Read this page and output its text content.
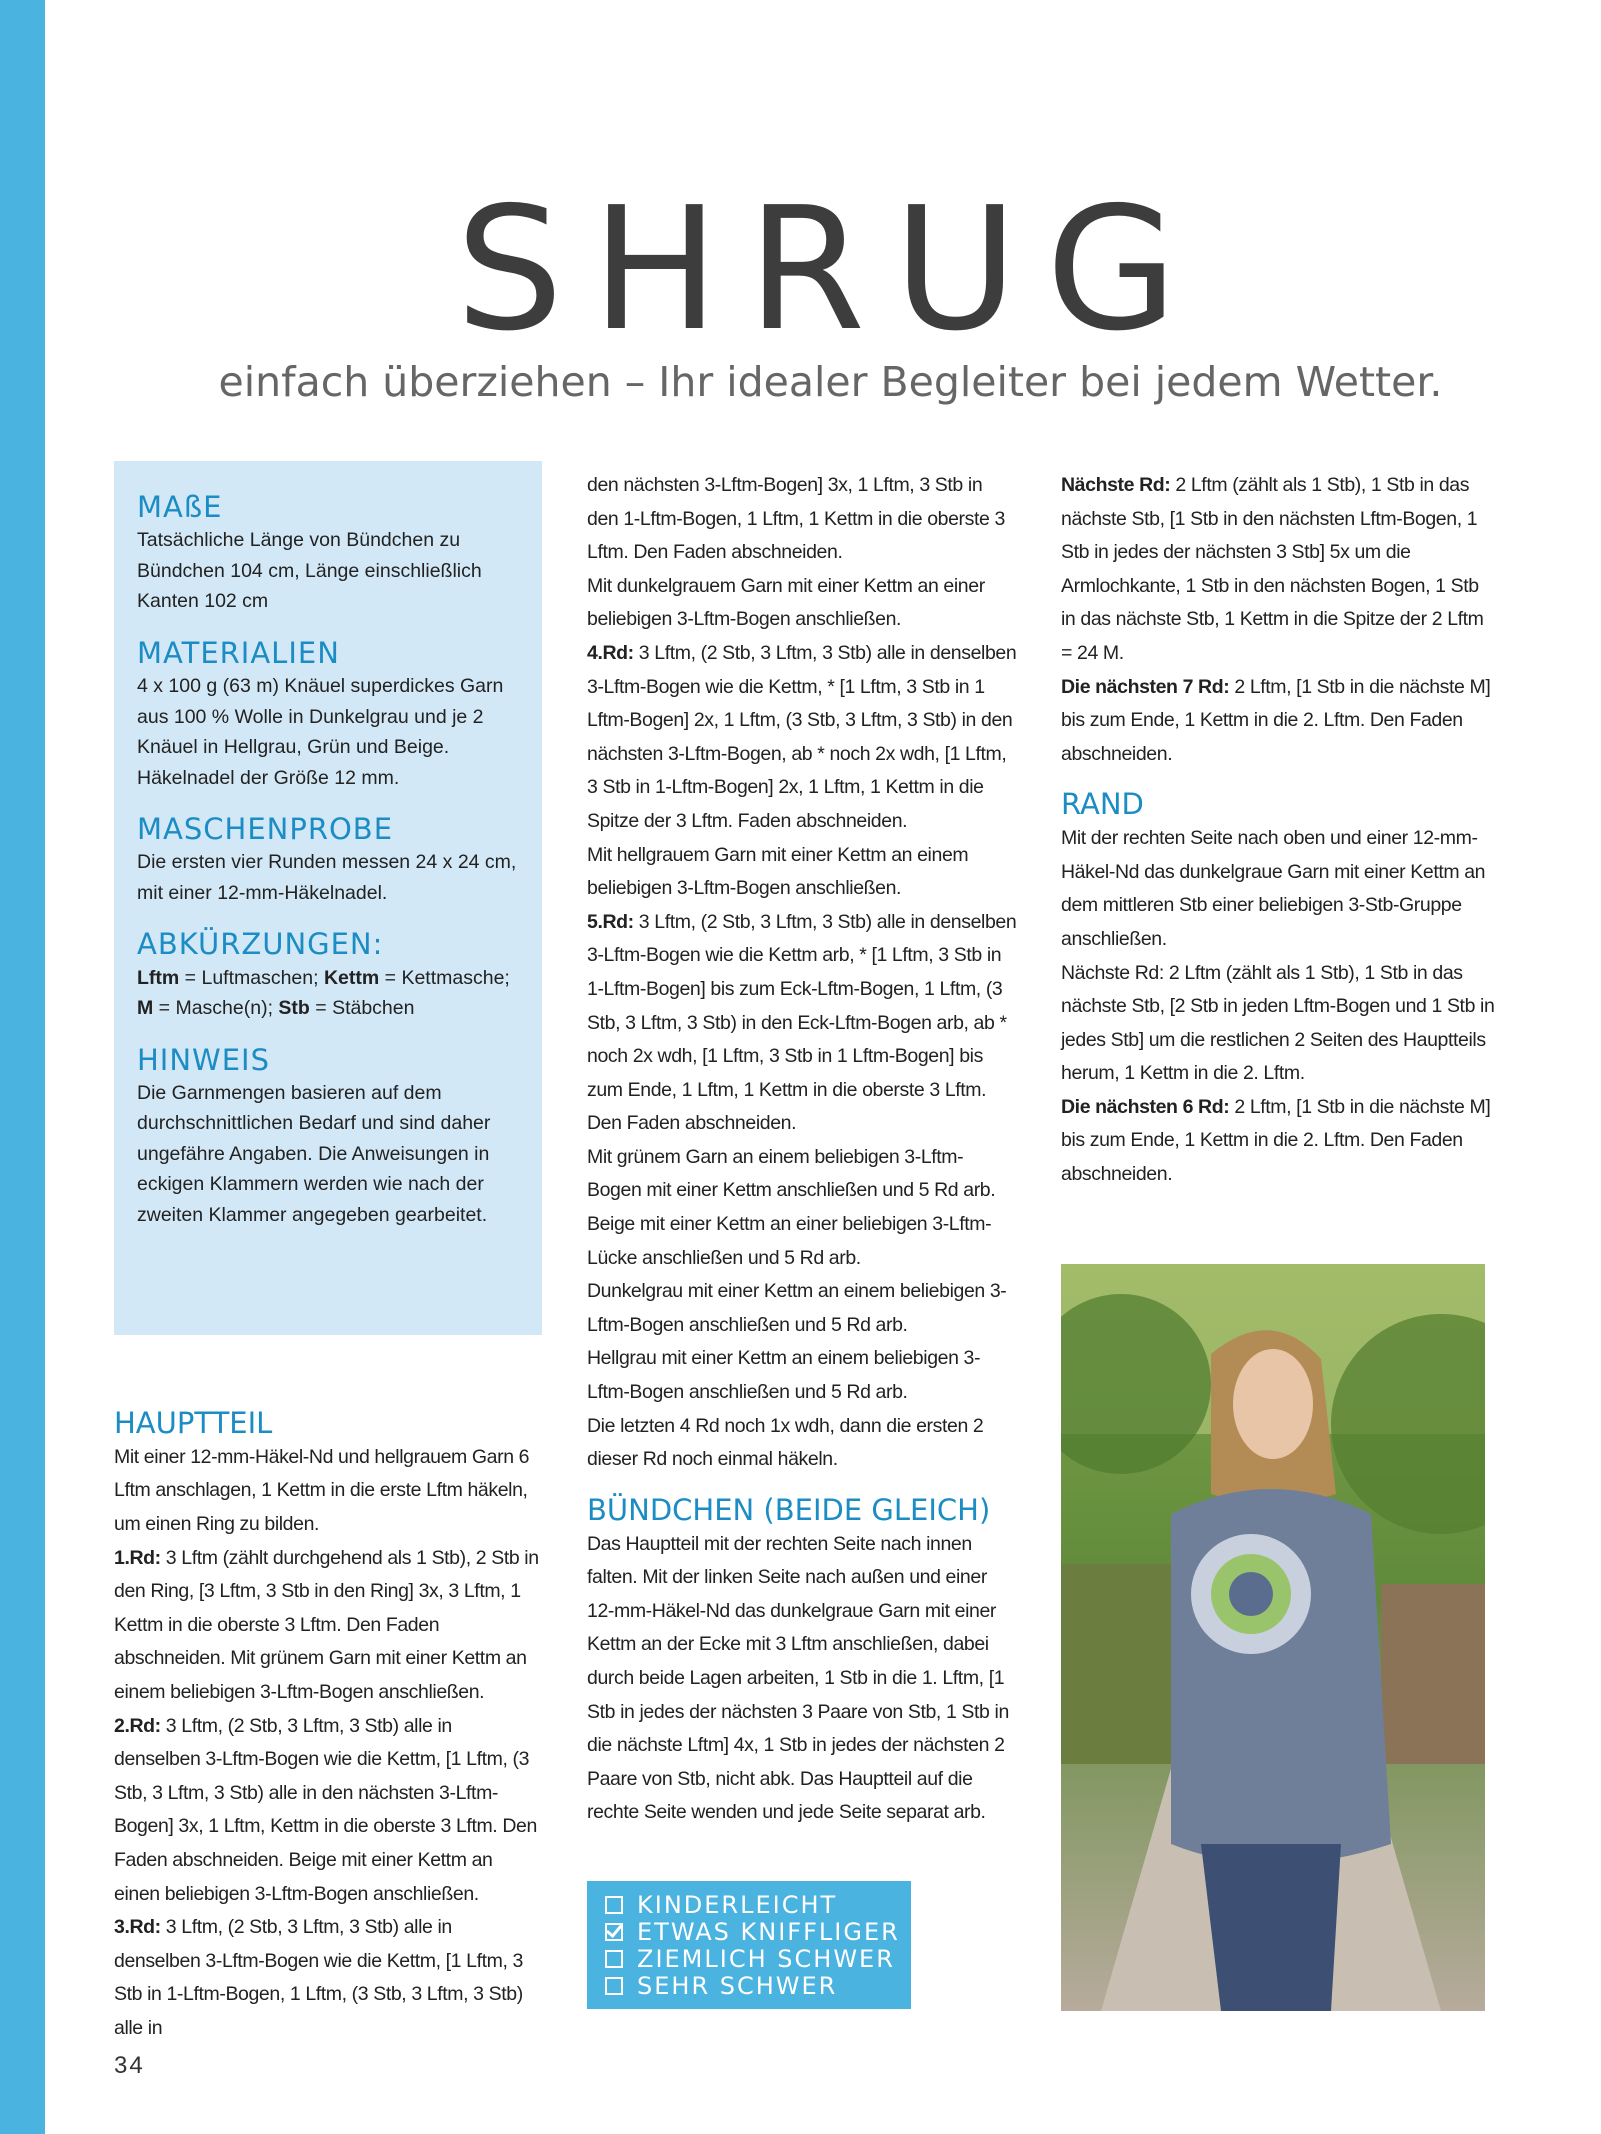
SHRUG
einfach überziehen – Ihr idealer Begleiter bei jedem Wetter.
MAßE

Tatsächliche Länge von Bündchen zu Bündchen 104 cm, Länge einschließlich Kanten 102 cm

MATERIALIEN

4 x 100 g (63 m) Knäuel superdickes Garn aus 100 % Wolle in Dunkelgrau und je 2 Knäuel in Hellgrau, Grün und Beige. Häkelnadel der Größe 12 mm.

MASCHENPROBE

Die ersten vier Runden messen 24 x 24 cm, mit einer 12-mm-Häkelnadel.

ABKÜRZUNGEN:

Lftm = Luftmaschen; Kettm = Kettmasche;
M = Masche(n); Stb = Stäbchen

HINWEIS

Die Garnmengen basieren auf dem durchschnittlichen Bedarf und sind daher ungefähre Angaben. Die Anweisungen in eckigen Klammern werden wie nach der zweiten Klammer angegeben gearbeitet.

HAUPTTEIL

Mit einer 12-mm-Häkel-Nd und hellgrauem Garn 6 Lftm anschlagen, 1 Kettm in die erste Lftm häkeln, um einen Ring zu bilden.

1.Rd: 3 Lftm (zählt durchgehend als 1 Stb), 2 Stb in den Ring, [3 Lftm, 3 Stb in den Ring] 3x, 3 Lftm, 1 Kettm in die oberste 3 Lftm. Den Faden abschneiden. Mit grünem Garn mit einer Kettm an einem beliebigen 3-Lftm-Bogen anschließen.

2.Rd: 3 Lftm, (2 Stb, 3 Lftm, 3 Stb) alle in denselben 3-Lftm-Bogen wie die Kettm, [1 Lftm, (3 Stb, 3 Lftm, 3 Stb) alle in den nächsten 3-Lftm-Bogen] 3x, 1 Lftm, Kettm in die oberste 3 Lftm. Den Faden abschneiden. Beige mit einer Kettm an einen beliebigen 3-Lftm-Bogen anschließen.

3.Rd: 3 Lftm, (2 Stb, 3 Lftm, 3 Stb) alle in denselben 3-Lftm-Bogen wie die Kettm, [1 Lftm, 3 Stb in 1-Lftm-Bogen, 1 Lftm, (3 Stb, 3 Lftm, 3 Stb) alle in

den nächsten 3-Lftm-Bogen] 3x, 1 Lftm, 3 Stb in den 1-Lftm-Bogen, 1 Lftm, 1 Kettm in die oberste 3 Lftm. Den Faden abschneiden.

Mit dunkelgrauem Garn mit einer Kettm an einer beliebigen 3-Lftm-Bogen anschließen.

4.Rd: 3 Lftm, (2 Stb, 3 Lftm, 3 Stb) alle in denselben 3-Lftm-Bogen wie die Kettm, * [1 Lftm, 3 Stb in 1 Lftm-Bogen] 2x, 1 Lftm, (3 Stb, 3 Lftm, 3 Stb) in den nächsten 3-Lftm-Bogen, ab * noch 2x wdh, [1 Lftm, 3 Stb in 1-Lftm-Bogen] 2x, 1 Lftm, 1 Kettm in die Spitze der 3 Lftm. Faden abschneiden.

Mit hellgrauem Garn mit einer Kettm an einem beliebigen 3-Lftm-Bogen anschließen.

5.Rd: 3 Lftm, (2 Stb, 3 Lftm, 3 Stb) alle in denselben 3-Lftm-Bogen wie die Kettm arb, * [1 Lftm, 3 Stb in 1-Lftm-Bogen] bis zum Eck-Lftm-Bogen, 1 Lftm, (3 Stb, 3 Lftm, 3 Stb) in den Eck-Lftm-Bogen arb, ab * noch 2x wdh, [1 Lftm, 3 Stb in 1 Lftm-Bogen] bis zum Ende, 1 Lftm, 1 Kettm in die oberste 3 Lftm. Den Faden abschneiden.

Mit grünem Garn an einem beliebigen 3-Lftm-Bogen mit einer Kettm anschließen und 5 Rd arb.

Beige mit einer Kettm an einer beliebigen 3-Lftm-Lücke anschließen und 5 Rd arb.

Dunkelgrau mit einer Kettm an einem beliebigen 3-Lftm-Bogen anschließen und 5 Rd arb.

Hellgrau mit einer Kettm an einem beliebigen 3-Lftm-Bogen anschließen und 5 Rd arb.

Die letzten 4 Rd noch 1x wdh, dann die ersten 2 dieser Rd noch einmal häkeln.

BÜNDCHEN (BEIDE GLEICH)

Das Hauptteil mit der rechten Seite nach innen falten. Mit der linken Seite nach außen und einer 12-mm-Häkel-Nd das dunkelgraue Garn mit einer Kettm an der Ecke mit 3 Lftm anschließen, dabei durch beide Lagen arbeiten, 1 Stb in die 1. Lftm, [1 Stb in jedes der nächsten 3 Paare von Stb, 1 Stb in die nächste Lftm] 4x, 1 Stb in jedes der nächsten 2 Paare von Stb, nicht abk. Das Hauptteil auf die rechte Seite wenden und jede Seite separat arb.

Nächste Rd: 2 Lftm (zählt als 1 Stb), 1 Stb in das nächste Stb, [1 Stb in den nächsten Lftm-Bogen, 1 Stb in jedes der nächsten 3 Stb] 5x um die Armlochkante, 1 Stb in den nächsten Bogen, 1 Stb in das nächste Stb, 1 Kettm in die Spitze der 2 Lftm = 24 M.

Die nächsten 7 Rd: 2 Lftm, [1 Stb in die nächste M] bis zum Ende, 1 Kettm in die 2. Lftm. Den Faden abschneiden.

RAND

Mit der rechten Seite nach oben und einer 12-mm-Häkel-Nd das dunkelgraue Garn mit einer Kettm an dem mittleren Stb einer beliebigen 3-Stb-Gruppe anschließen.

Nächste Rd: 2 Lftm (zählt als 1 Stb), 1 Stb in das nächste Stb, [2 Stb in jeden Lftm-Bogen und 1 Stb in jedes Stb] um die restlichen 2 Seiten des Hauptteils herum, 1 Kettm in die 2. Lftm.

Die nächsten 6 Rd: 2 Lftm, [1 Stb in die nächste M] bis zum Ende, 1 Kettm in die 2. Lftm. Den Faden abschneiden.

KINDERLEICHT
ETWAS KNIFFLIGER
ZIEMLICH SCHWER
SEHR SCHWER
34
